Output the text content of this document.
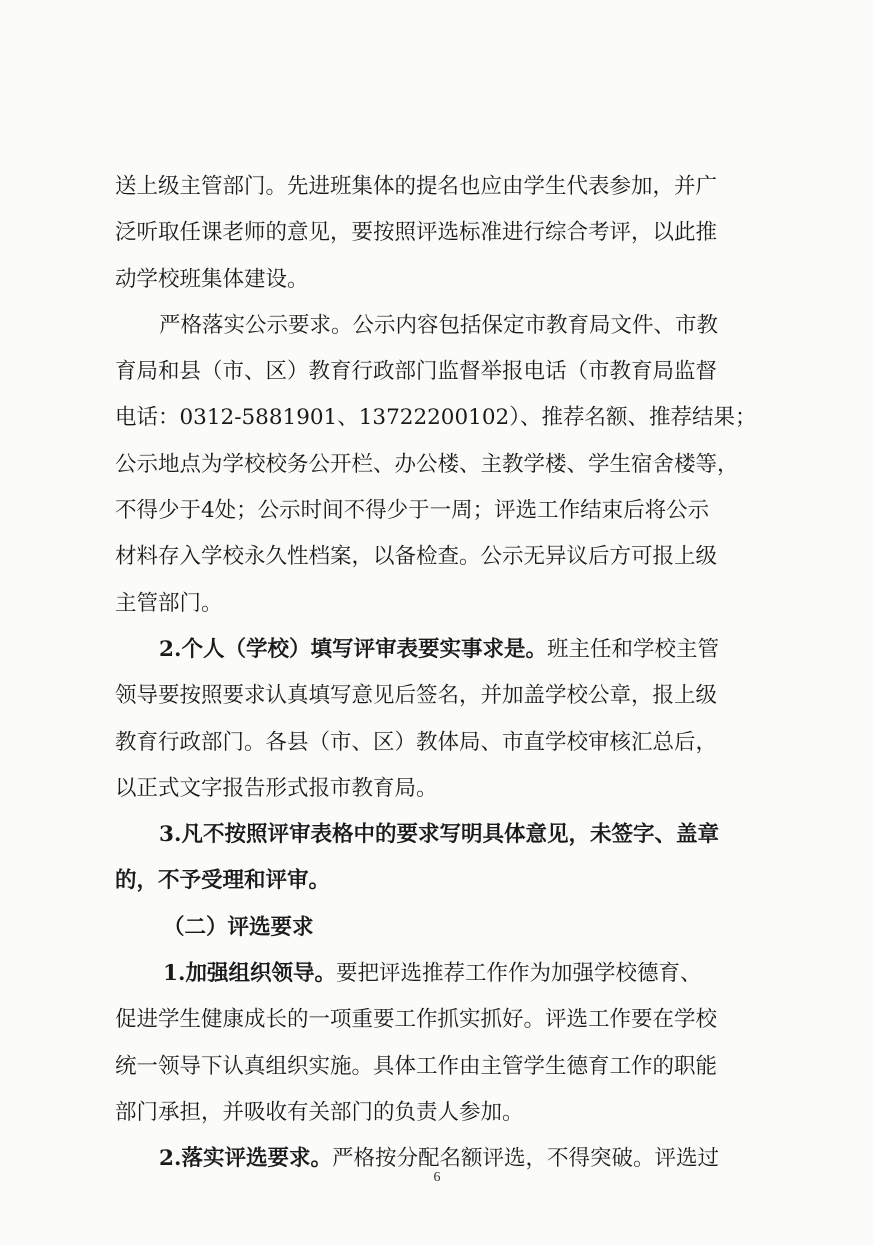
送上级主管部门。先进班集体的提名也应由学生代表参加，并广
泛听取任课老师的意见，要按照评选标准进行综合考评，以此推
动学校班集体建设。
严格落实公示要求。公示内容包括保定市教育局文件、市教
育局和县（市、区）教育行政部门监督举报电话（市教育局监督
电话：0312-5881901、13722200102）、推荐名额、推荐结果；
公示地点为学校校务公开栏、办公楼、主教学楼、学生宿舍楼等，
不得少于4处；公示时间不得少于一周；评选工作结束后将公示
材料存入学校永久性档案，以备检查。公示无异议后方可报上级
主管部门。
2.个人（学校）填写评审表要实事求是。班主任和学校主管
领导要按照要求认真填写意见后签名，并加盖学校公章，报上级
教育行政部门。各县（市、区）教体局、市直学校审核汇总后，
以正式文字报告形式报市教育局。
3.凡不按照评审表格中的要求写明具体意见，未签字、盖章
的，不予受理和评审。
（二）评选要求
1.加强组织领导。要把评选推荐工作作为加强学校德育、
促进学生健康成长的一项重要工作抓实抓好。评选工作要在学校
统一领导下认真组织实施。具体工作由主管学生德育工作的职能
部门承担，并吸收有关部门的负责人参加。
2.落实评选要求。严格按分配名额评选，不得突破。评选过
6
